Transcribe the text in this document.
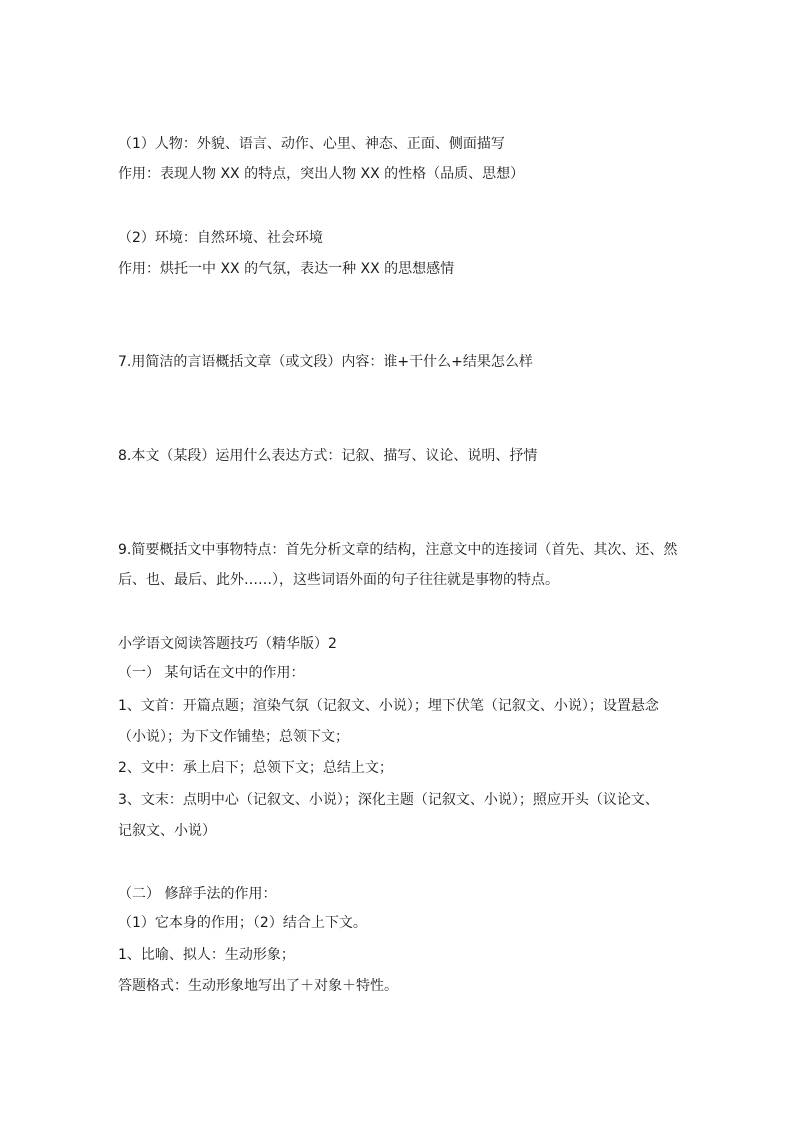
（1）人物：外貌、语言、动作、心里、神态、正面、侧面描写
作用：表现人物 XX 的特点，突出人物 XX 的性格（品质、思想）
（2）环境：自然环境、社会环境
作用：烘托一中 XX 的气氛，表达一种 XX 的思想感情
7.用简洁的言语概括文章（或文段）内容：谁+干什么+结果怎么样
8.本文（某段）运用什么表达方式：记叙、描写、议论、说明、抒情
9.简要概括文中事物特点：首先分析文章的结构，注意文中的连接词（首先、其次、还、然
后、也、最后、此外……），这些词语外面的句子往往就是事物的特点。
小学语文阅读答题技巧（精华版）2
（一） 某句话在文中的作用：
1、文首：开篇点题；渲染气氛（记叙文、小说）；埋下伏笔（记叙文、小说）；设置悬念
（小说）；为下文作铺垫；总领下文；
2、文中：承上启下；总领下文；总结上文；
3、文末：点明中心（记叙文、小说）；深化主题（记叙文、小说）；照应开头（议论文、
记叙文、小说）
（二） 修辞手法的作用：
（1）它本身的作用；（2）结合上下文。
1、比喻、拟人：生动形象；
答题格式：生动形象地写出了＋对象＋特性。
